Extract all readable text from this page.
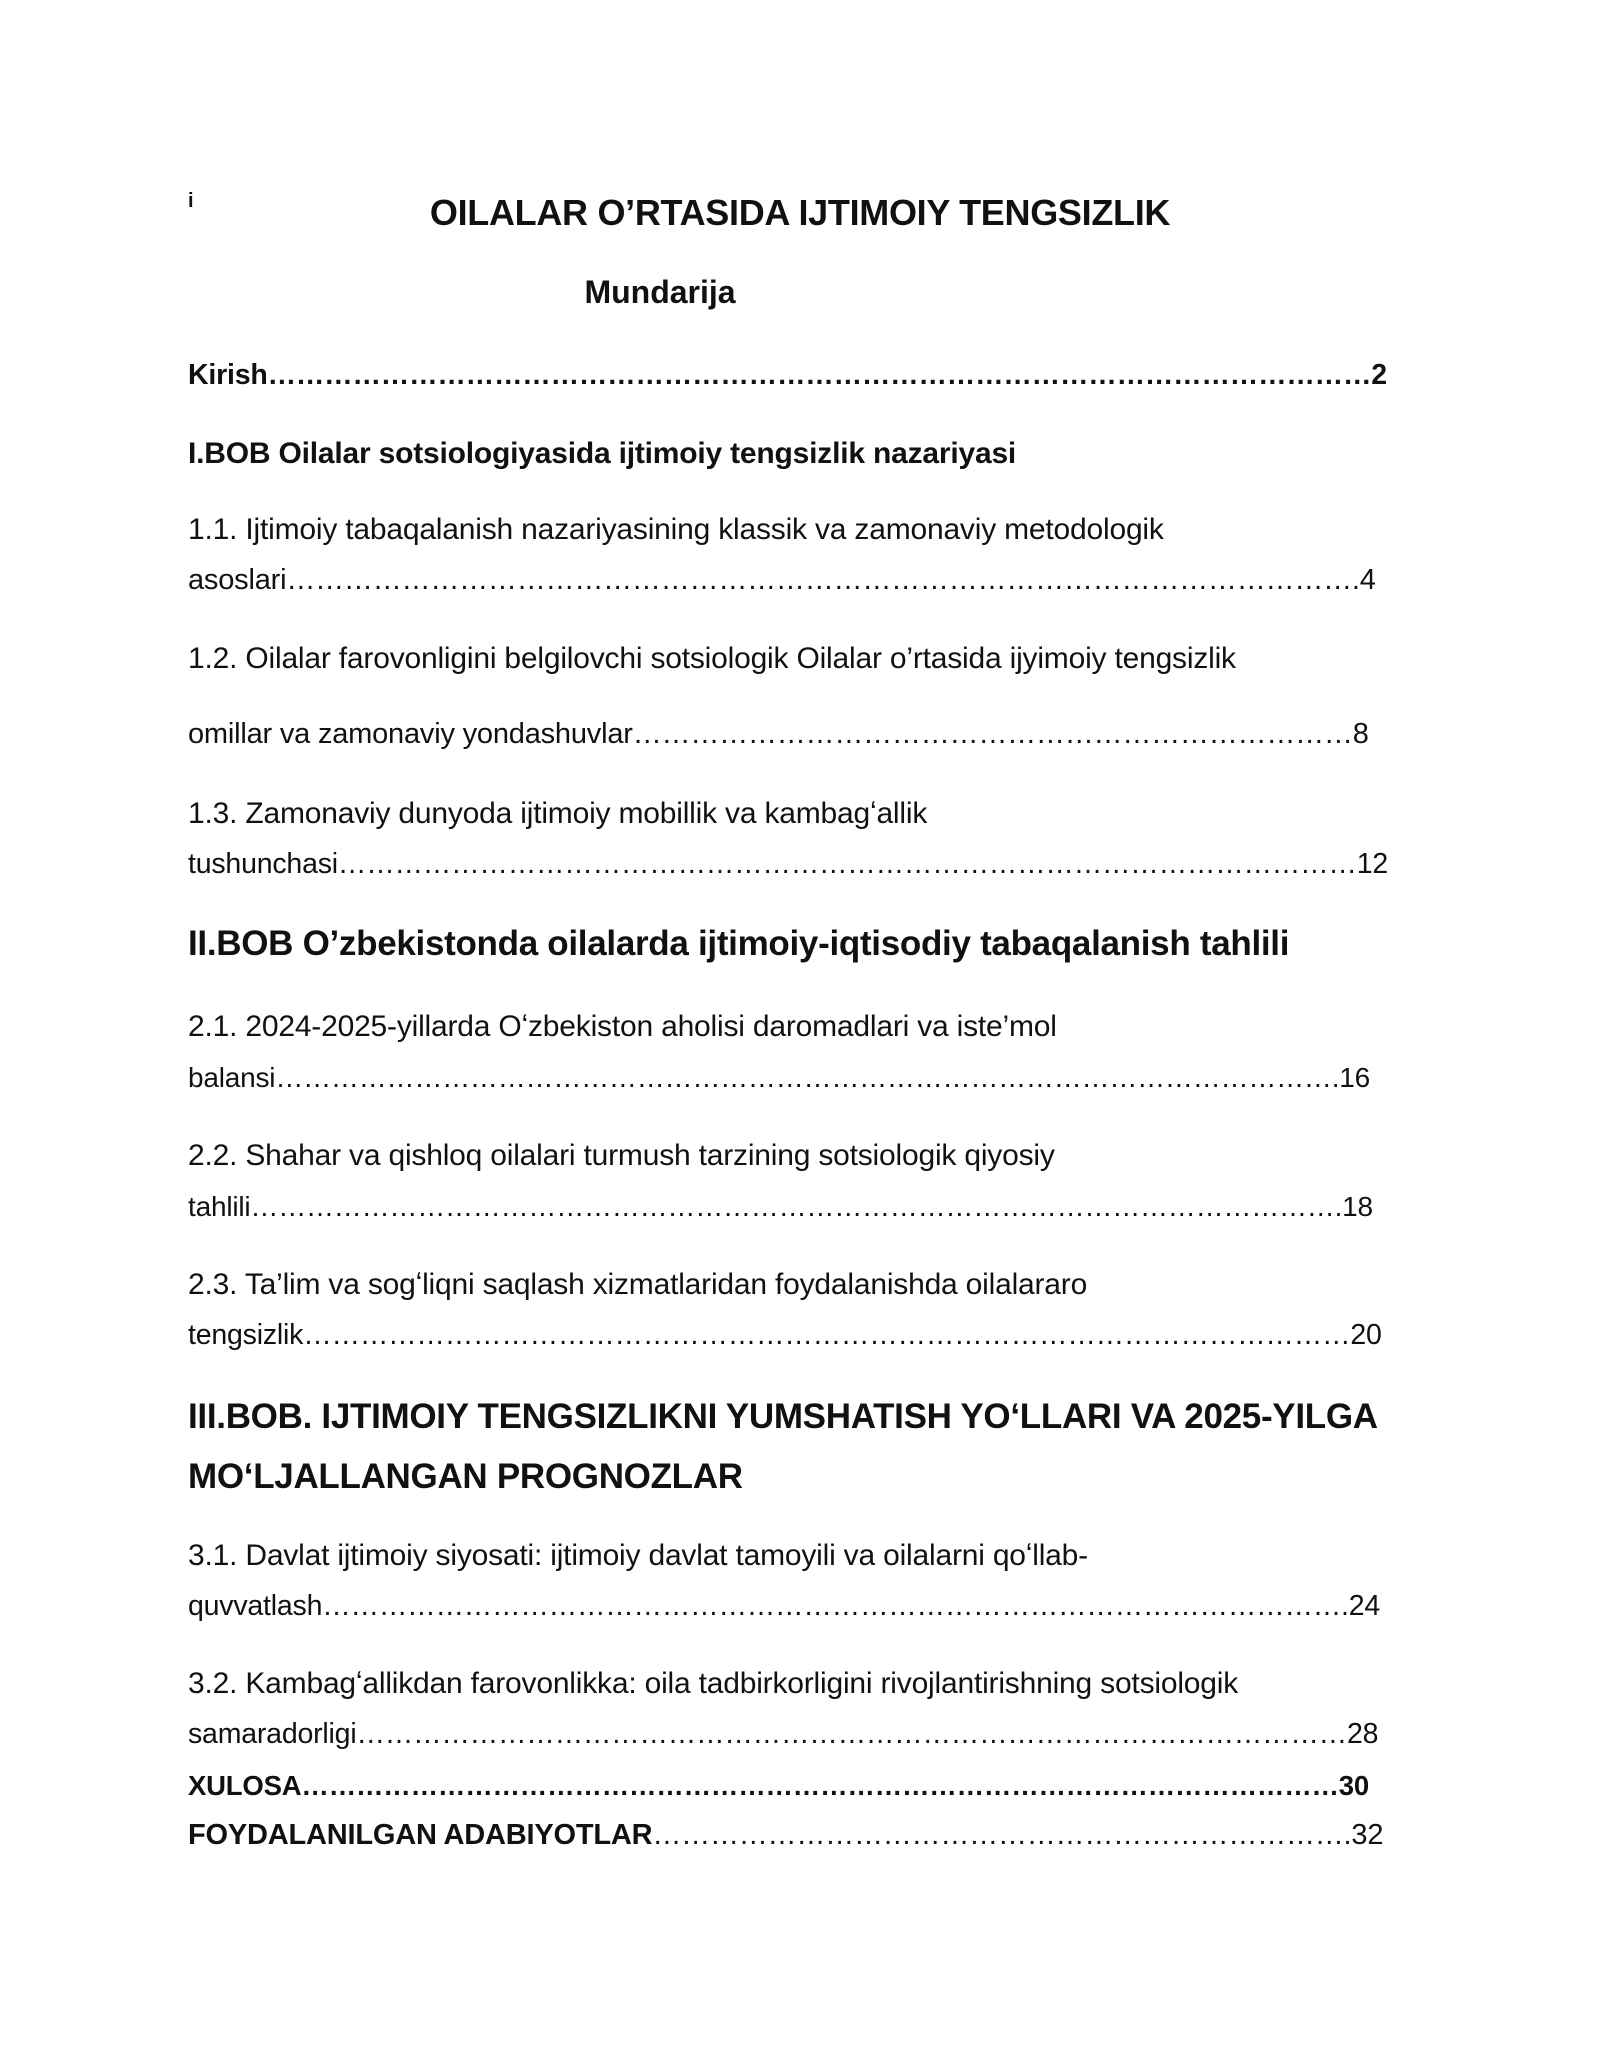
i	OILALAR O’RTASIDA IJTIMOIY TENGSIZLIK
Mundarija
Kirish………………………………………………………………………………………………………2
I.BOB Oilalar sotsiologiyasida ijtimoiy tengsizlik nazariyasi
1.1. Ijtimoiy tabaqalanish nazariyasining klassik va zamonaviy metodologik
asoslari………………………………………………………………………………………………….4
1.2. Oilalar farovonligini belgilovchi sotsiologik Oilalar o’rtasida ijyimoiy tengsizlik
omillar va zamonaviy yondashuvlar…………………………………………………………………8
1.3. Zamonaviy dunyoda ijtimoiy mobillik va kambagʻallik
tushunchasi………………………………………………………………………………………………12
II.BOB O’zbekistonda oilalarda ijtimoiy-iqtisodiy tabaqalanish tahlili
2.1. 2024-2025-yillarda Oʻzbekiston aholisi daromadlari va iste’mol
balansi…………………………………………………………………………………………………….16
2.2. Shahar va qishloq oilalari turmush tarzining sotsiologik qiyosiy
tahlili……………………………………………………………………………………………………….18
2.3. Ta’lim va sogʻliqni saqlash xizmatlaridan foydalanishda oilalararo
tengsizlik…………………………………………………………………………………………………20
III.BOB. IJTIMOIY TENGSIZLIKNI YUMSHATISH YOʻLLARI VA 2025-YILGA
MOʻLJALLANGAN PROGNOZLAR
3.1. Davlat ijtimoiy siyosati: ijtimoiy davlat tamoyili va oilalarni qoʻllab-
quvvatlash……………………………………………………………………………………………….24
3.2. Kambagʻallikdan farovonlikka: oila tadbirkorligini rivojlantirishning sotsiologik
samaradorligi……………………………………………………………………………………………28
XULOSA……………………………………………………………………………………………………30
FOYDALANILGAN ADABIYOTLAR……………………………………………………………….32
